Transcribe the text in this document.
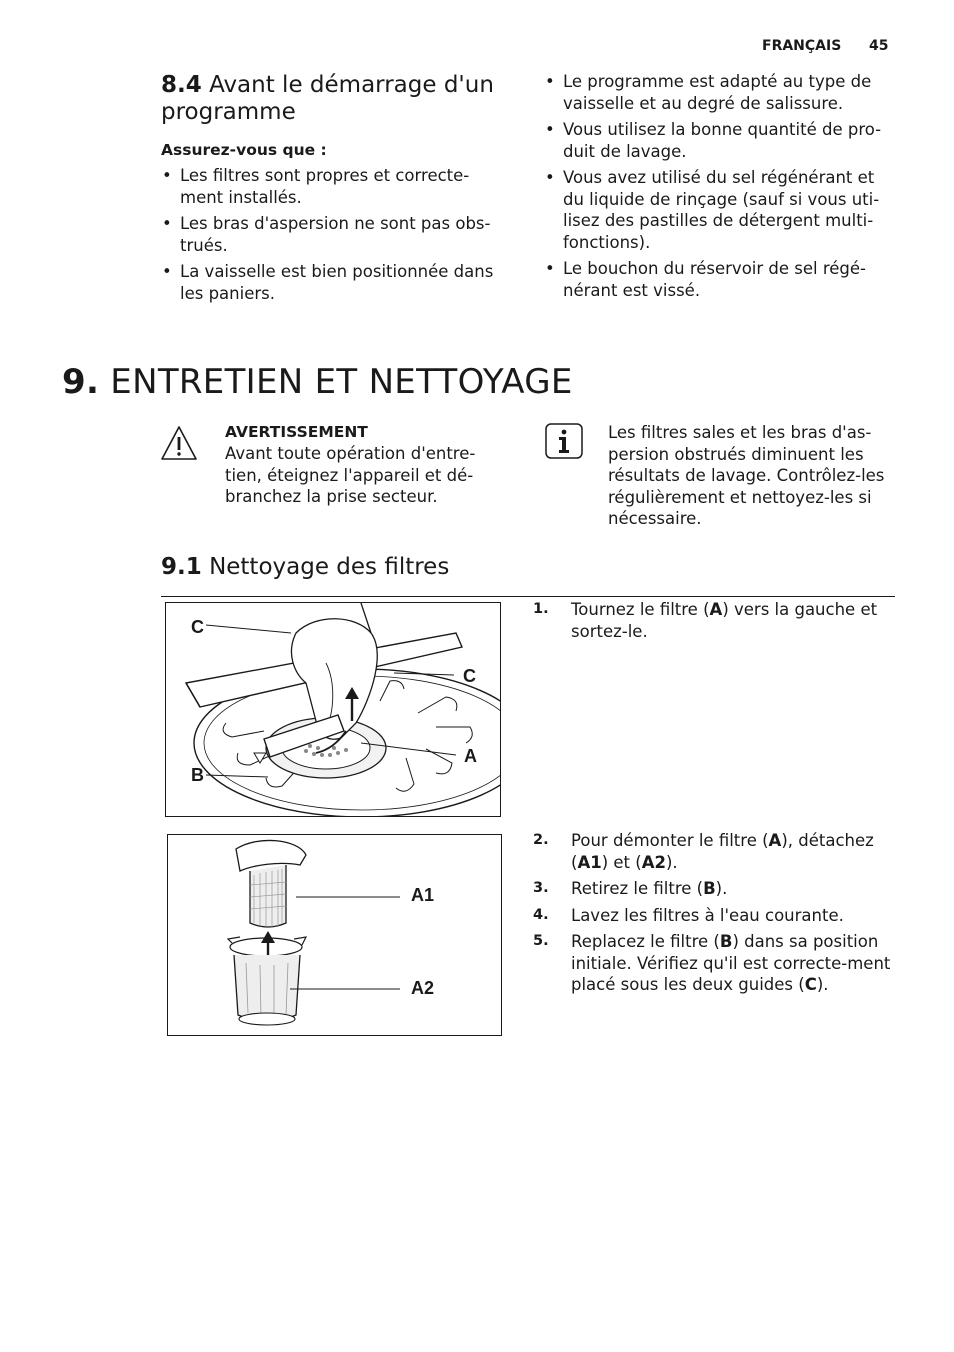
FRANÇAIS 45
8.4 Avant le démarrage d'un programme
Assurez-vous que :
• Les filtres sont propres et correcte-ment installés.
• Les bras d'aspersion ne sont pas obs-trués.
• La vaisselle est bien positionnée dans les paniers.
• Le programme est adapté au type de vaisselle et au degré de salissure.
• Vous utilisez la bonne quantité de pro-duit de lavage.
• Vous avez utilisé du sel régénérant et du liquide de rinçage (sauf si vous uti-lisez des pastilles de détergent multi-fonctions).
• Le bouchon du réservoir de sel régé-nérant est vissé.
9. ENTRETIEN ET NETTOYAGE
AVERTISSEMENT
Avant toute opération d'entre-tien, éteignez l'appareil et dé-branchez la prise secteur.
Les filtres sales et les bras d'as-persion obstrués diminuent les résultats de lavage. Contrôlez-les régulièrement et nettoyez-les si nécessaire.
9.1 Nettoyage des filtres
C
C
A
B
A1
A2
1. Tournez le filtre (A) vers la gauche et sortez-le.
2. Pour démonter le filtre (A), détachez (A1) et (A2).
3. Retirez le filtre (B).
4. Lavez les filtres à l'eau courante.
5. Replacez le filtre (B) dans sa position initiale. Vérifiez qu'il est correcte-ment placé sous les deux guides (C).
